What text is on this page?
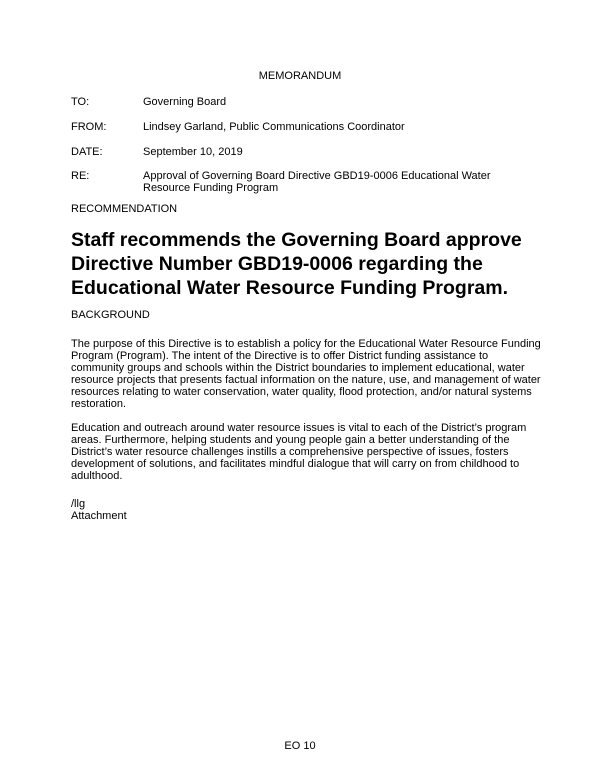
MEMORANDUM
TO:	Governing Board
FROM:	Lindsey Garland, Public Communications Coordinator
DATE:	September 10, 2019
RE:	Approval of Governing Board Directive GBD19-0006 Educational Water Resource Funding Program
RECOMMENDATION
Staff recommends the Governing Board approve Directive Number GBD19-0006 regarding the Educational Water Resource Funding Program.
BACKGROUND
The purpose of this Directive is to establish a policy for the Educational Water Resource Funding Program (Program). The intent of the Directive is to offer District funding assistance to community groups and schools within the District boundaries to implement educational, water resource projects that presents factual information on the nature, use, and management of water resources relating to water conservation, water quality, flood protection, and/or natural systems restoration.
Education and outreach around water resource issues is vital to each of the District’s program areas. Furthermore, helping students and young people gain a better understanding of the District’s water resource challenges instills a comprehensive perspective of issues, fosters development of solutions, and facilitates mindful dialogue that will carry on from childhood to adulthood.
/llg
Attachment
EO 10
